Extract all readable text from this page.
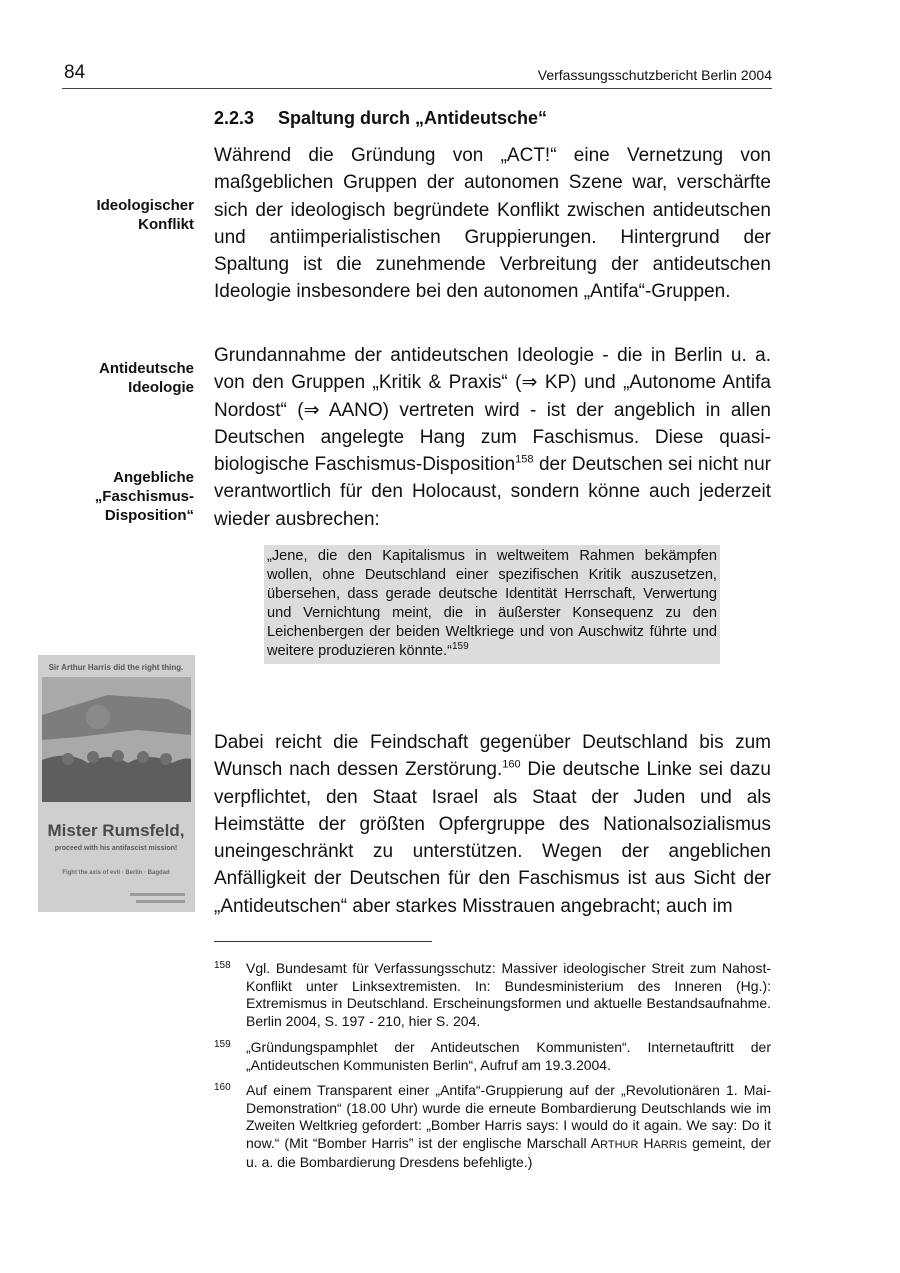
84	Verfassungsschutzbericht Berlin 2004
2.2.3 Spaltung durch „Antideutsche“
Ideologischer
Konflikt
Antideutsche
Ideologie
Angebliche
„Faschismus-
Disposition“
Während die Gründung von „ACT!“ eine Vernetzung von maßgeblichen Gruppen der autonomen Szene war, verschärfte sich der ideologisch begründete Konflikt zwischen antideutschen und antiimperialistischen Gruppierungen. Hintergrund der Spaltung ist die zunehmende Verbreitung der antideutschen Ideologie insbesondere bei den autonomen „Antifa“-Gruppen.
Grundannahme der antideutschen Ideologie - die in Berlin u. a. von den Gruppen „Kritik & Praxis“ (⇒ KP) und „Autonome Antifa Nordost“ (⇒ AANO) vertreten wird - ist der angeblich in allen Deutschen angelegte Hang zum Faschismus. Diese quasi-biologische Faschismus-Disposition$^{158}$ der Deutschen sei nicht nur verantwortlich für den Holocaust, sondern könne auch jederzeit wieder ausbrechen:
„Jene, die den Kapitalismus in weltweitem Rahmen bekämpfen wollen, ohne Deutschland einer spezifischen Kritik auszusetzen, übersehen, dass gerade deutsche Identität Herrschaft, Verwertung und Vernichtung meint, die in äußerster Konsequenz zu den Leichenbergen der beiden Weltkriege und von Auschwitz führte und weitere produzieren könnte.“$^{159}$
Sir Arthur Harris did the right thing.
Mister Rumsfeld,
proceed with his antifascist mission!
Fight the axis of evil · Berlin · Bagdad
Dabei reicht die Feindschaft gegenüber Deutschland bis zum Wunsch nach dessen Zerstörung.$^{160}$ Die deutsche Linke sei dazu verpflichtet, den Staat Israel als Staat der Juden und als Heimstätte der größten Opfergruppe des Nationalsozialismus uneingeschränkt zu unterstützen. Wegen der angeblichen Anfälligkeit der Deutschen für den Faschismus ist aus Sicht der „Antideutschen“ aber starkes Misstrauen angebracht; auch im
158 Vgl. Bundesamt für Verfassungsschutz: Massiver ideologischer Streit zum Nahost-Konflikt unter Linksextremisten. In: Bundesministerium des Inneren (Hg.): Extremismus in Deutschland. Erscheinungsformen und aktuelle Bestandsaufnahme. Berlin 2004, S. 197 - 210, hier S. 204.
159 „Gründungspamphlet der Antideutschen Kommunisten“. Internetauftritt der „Antideutschen Kommunisten Berlin“, Aufruf am 19.3.2004.
160 Auf einem Transparent einer „Antifa“-Gruppierung auf der „Revolutionären 1. Mai-Demonstration“ (18.00 Uhr) wurde die erneute Bombardierung Deutschlands wie im Zweiten Weltkrieg gefordert: „Bomber Harris says: I would do it again. We say: Do it now.“ (Mit “Bomber Harris” ist der englische Marschall ARTHUR HARRIS gemeint, der u. a. die Bombardierung Dresdens befehligte.)
